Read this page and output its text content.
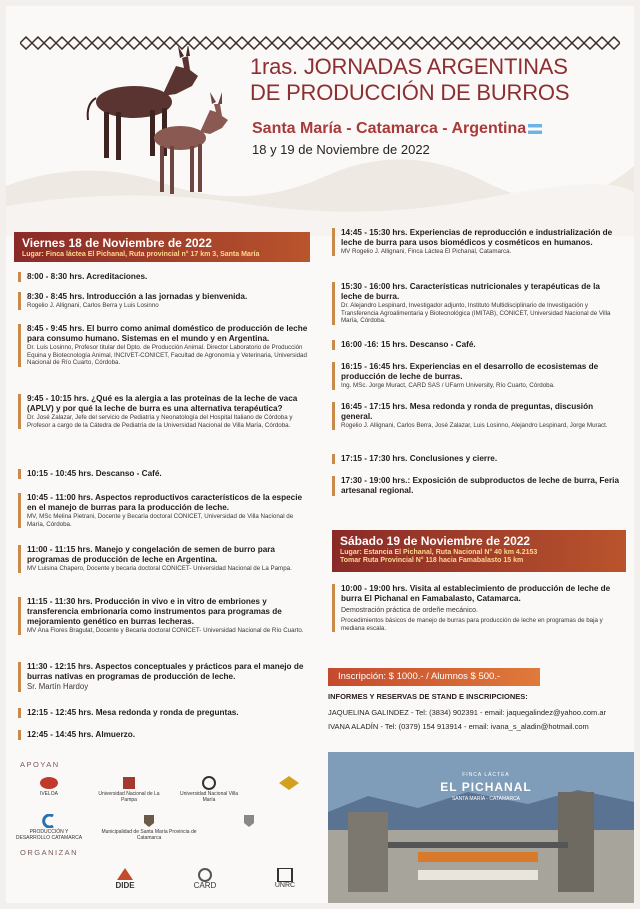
1ras. JORNADAS ARGENTINAS
DE PRODUCCIÓN DE BURROS
Santa María - Catamarca - Argentina
18 y 19 de Noviembre de 2022
Viernes 18 de Noviembre de 2022
Lugar: Finca láctea El Pichanal, Ruta provincial n° 17 km 3, Santa María
8:00 - 8:30 hrs. Acreditaciones.
8:30 - 8:45 hrs. Introducción a las jornadas y bienvenida.
Rogelio J. Allignani, Carlos Berra y Luis Losinno
8:45 - 9:45 hrs. El burro como animal doméstico de producción de leche para consumo humano. Sistemas en el mundo y en Argentina.
Dr. Luis Losinno, Profesor titular del Dpto. de Producción Animal. Director Laboratorio de Producción Equina y Biotecnología Animal, INCIVET-CONICET, Facultad de Agronomía y Veterinaria, Universidad Nacional de Río Cuarto, Córdoba.
9:45 - 10:15 hrs. ¿Qué es la alergia a las proteínas de la leche de vaca (APLV) y por qué la leche de burra es una alternativa terapéutica?
Dr. José Zalazar, Jefe del servicio de Pediatría y Neonatología del Hospital Italiano de Córdoba y Profesor a cargo de la Cátedra de Pediatría de la Universidad Nacional de Villa María, Córdoba.
10:15 - 10:45 hrs. Descanso - Café.
10:45 - 11:00 hrs. Aspectos reproductivos característicos de la especie en el manejo de burras para la producción de leche.
MV, MSc Melina Pietrani, Docente y Becaria doctoral CONICET, Universidad de Villa Nacional de María, Córdoba.
11:00 - 11:15 hrs. Manejo y congelación de semen de burro para programas de producción de leche en Argentina.
MV Luisina Chapero, Docente y becaria doctoral CONICET- Universidad Nacional de La Pampa.
11:15 - 11:30 hrs. Producción in vivo e in vitro de embriones y transferencia embrionaria como instrumentos para programas de mejoramiento genético en burras lecheras.
MV Ana Flores Bragulat, Docente y Becaria doctoral CONICET- Universidad Nacional de Río Cuarto.
11:30 - 12:15 hrs. Aspectos conceptuales y prácticos para el manejo de burras nativas en programas de producción de leche.
Sr. Martín Hardoy
12:15 - 12:45 hrs. Mesa redonda y ronda de preguntas.
12:45 - 14:45 hrs. Almuerzo.
14:45 - 15:30 hrs. Experiencias de reproducción e industrialización de leche de burra para usos biomédicos y cosméticos en humanos.
MV Rogelio J. Allignani, Finca Láctea El Pichanal, Catamarca.
15:30 - 16:00 hrs. Características nutricionales y terapéuticas de la leche de burra.
Dr. Alejandro Lespinard, Investigador adjunto, Instituto Multidisciplinario de Investigación y Transferencia Agroalimentaria y Biotecnológica (IMITAB), CONICET, Universidad Nacional de Villa María, Córdoba.
16:00 -16: 15 hrs. Descanso - Café.
16:15 - 16:45 hrs. Experiencias en el desarrollo de ecosistemas de producción de leche de burras.
Ing. MSc. Jorge Muract, CARD SAS / UFarm University, Río Cuarto, Córdoba.
16:45 - 17:15 hrs. Mesa redonda y ronda de preguntas, discusión general.
Rogelio J. Allignani, Carlos Berra, José Zalazar, Luis Losinno, Alejandro Lespinard, Jorge Muract.
17:15 - 17:30 hrs. Conclusiones y cierre.
17:30 - 19:00 hrs.: Exposición de subproductos de leche de burra, Feria artesanal regional.
Sábado 19 de Noviembre de 2022
Lugar: Estancia El Pichanal, Ruta Nacional N° 40 km 4.2153
Tomar Ruta Provincial N° 118 hacia Famabalasto 15 km
10:00 - 19:00 hrs. Visita al establecimiento de producción de leche de burra El Pichanal en Famabalasto, Catamarca.
Demostración práctica de ordeñe mecánico.
Procedimientos básicos de manejo de burras para producción de leche en programas de baja y mediana escala.
Inscripción: $ 1000.- / Alumnos $ 500.-
INFORMES Y RESERVAS DE STAND E INSCRIPCIONES:
JAQUELINA GALINDEZ - Tel: (3834) 902391 - email: jaquegalindez@yahoo.com.ar
IVANA ALADÍN - Tel: (0379) 154 913914 - email: ivana_s_aladin@hotmail.com
APOYAN
IVELOA	Universidad Nacional de La Pampa
Universidad Nacional Villa María
PRODUCCIÓN Y DESARROLLO CATAMARCA
Municipalidad de Santa María Provincia de Catamarca
ORGANIZAN
DIDE	CARD	UNRC
FINCA LÁCTEA
EL PICHANAL
SANTA MARÍA - CATAMARCA
